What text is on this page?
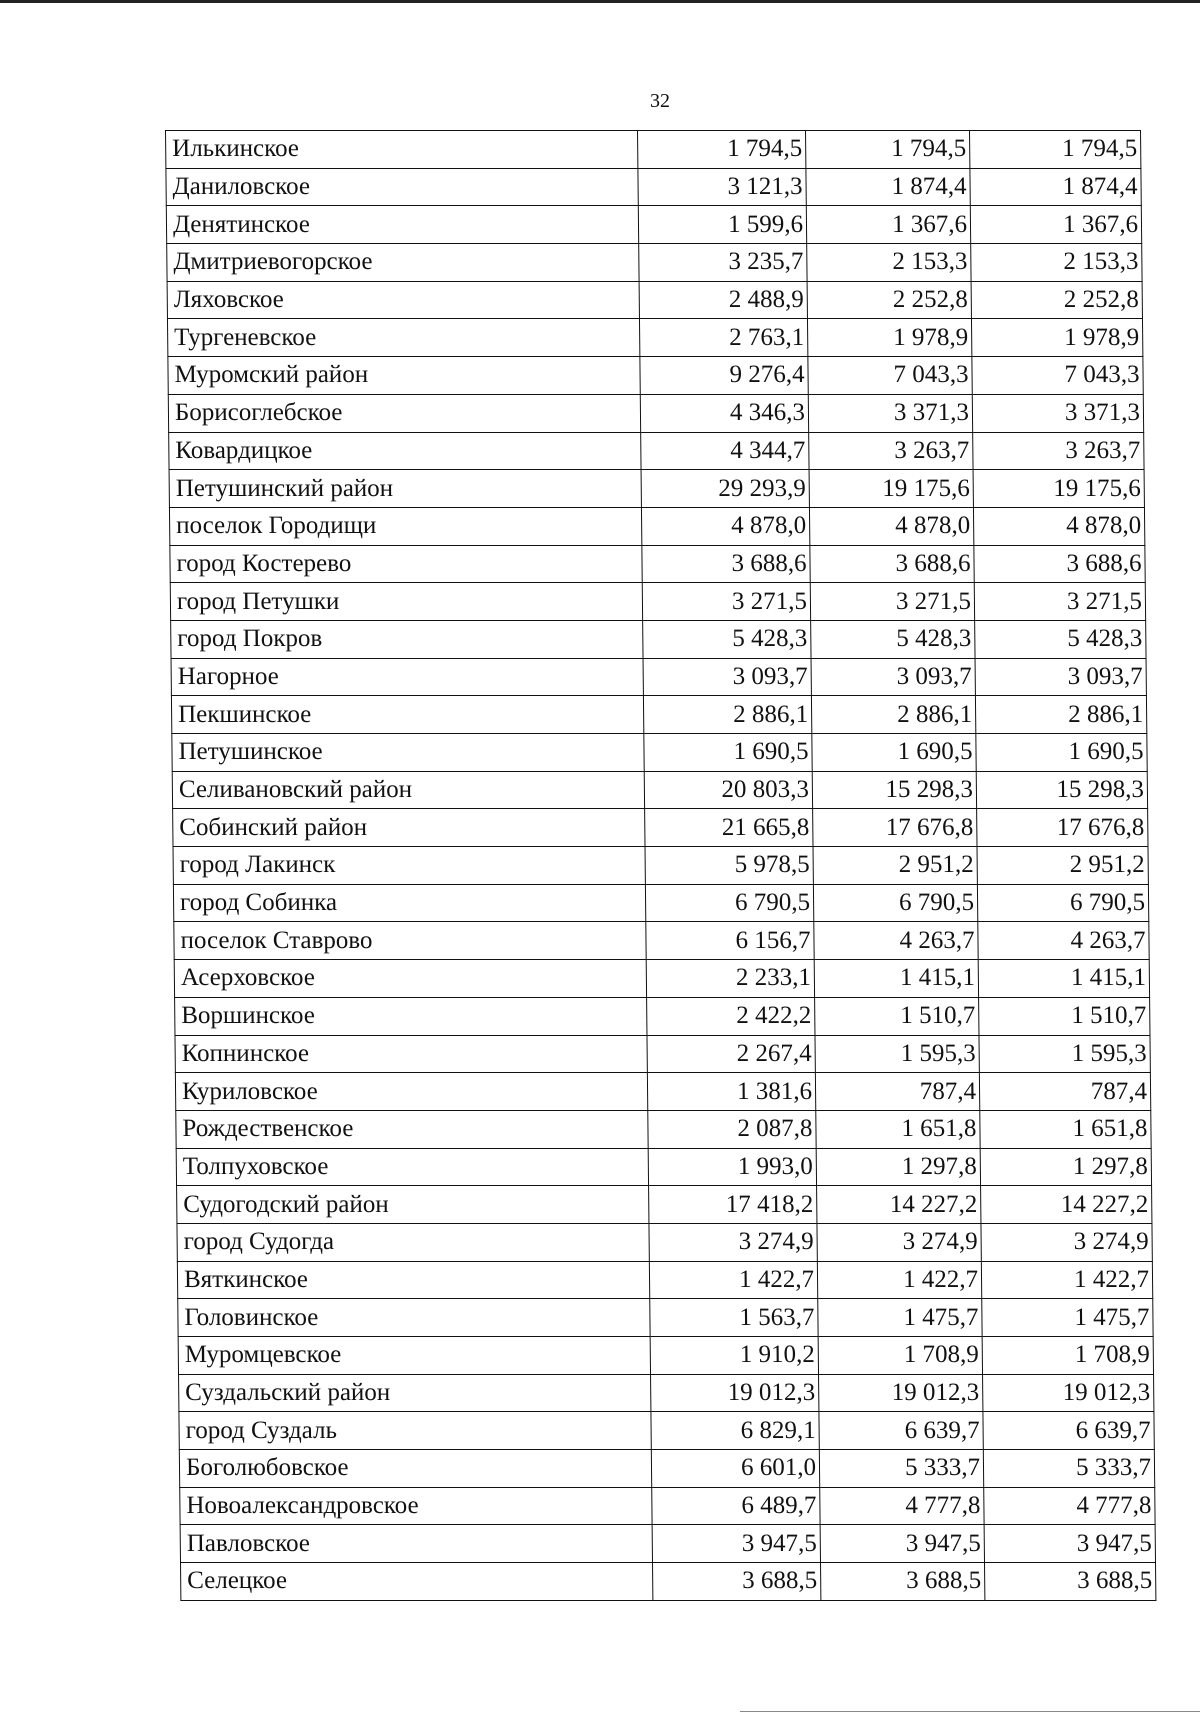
32
Илькинское	1 794,5	1 794,5	1 794,5
Даниловское	3 121,3	1 874,4	1 874,4
Денятинское	1 599,6	1 367,6	1 367,6
Дмитриевогорское	3 235,7	2 153,3	2 153,3
Ляховское	2 488,9	2 252,8	2 252,8
Тургеневское	2 763,1	1 978,9	1 978,9
Муромский район	9 276,4	7 043,3	7 043,3
Борисоглебское	4 346,3	3 371,3	3 371,3
Ковардицкое	4 344,7	3 263,7	3 263,7
Петушинский район	29 293,9	19 175,6	19 175,6
поселок Городищи	4 878,0	4 878,0	4 878,0
город Костерево	3 688,6	3 688,6	3 688,6
город Петушки	3 271,5	3 271,5	3 271,5
город Покров	5 428,3	5 428,3	5 428,3
Нагорное	3 093,7	3 093,7	3 093,7
Пекшинское	2 886,1	2 886,1	2 886,1
Петушинское	1 690,5	1 690,5	1 690,5
Селивановский район	20 803,3	15 298,3	15 298,3
Собинский район	21 665,8	17 676,8	17 676,8
город Лакинск	5 978,5	2 951,2	2 951,2
город Собинка	6 790,5	6 790,5	6 790,5
поселок Ставрово	6 156,7	4 263,7	4 263,7
Асерховское	2 233,1	1 415,1	1 415,1
Воршинское	2 422,2	1 510,7	1 510,7
Копнинское	2 267,4	1 595,3	1 595,3
Куриловское	1 381,6	787,4	787,4
Рождественское	2 087,8	1 651,8	1 651,8
Толпуховское	1 993,0	1 297,8	1 297,8
Судогодский район	17 418,2	14 227,2	14 227,2
город Судогда	3 274,9	3 274,9	3 274,9
Вяткинское	1 422,7	1 422,7	1 422,7
Головинское	1 563,7	1 475,7	1 475,7
Муромцевское	1 910,2	1 708,9	1 708,9
Суздальский район	19 012,3	19 012,3	19 012,3
город Суздаль	6 829,1	6 639,7	6 639,7
Боголюбовское	6 601,0	5 333,7	5 333,7
Новоалександровское	6 489,7	4 777,8	4 777,8
Павловское	3 947,5	3 947,5	3 947,5
Селецкое	3 688,5	3 688,5	3 688,5
